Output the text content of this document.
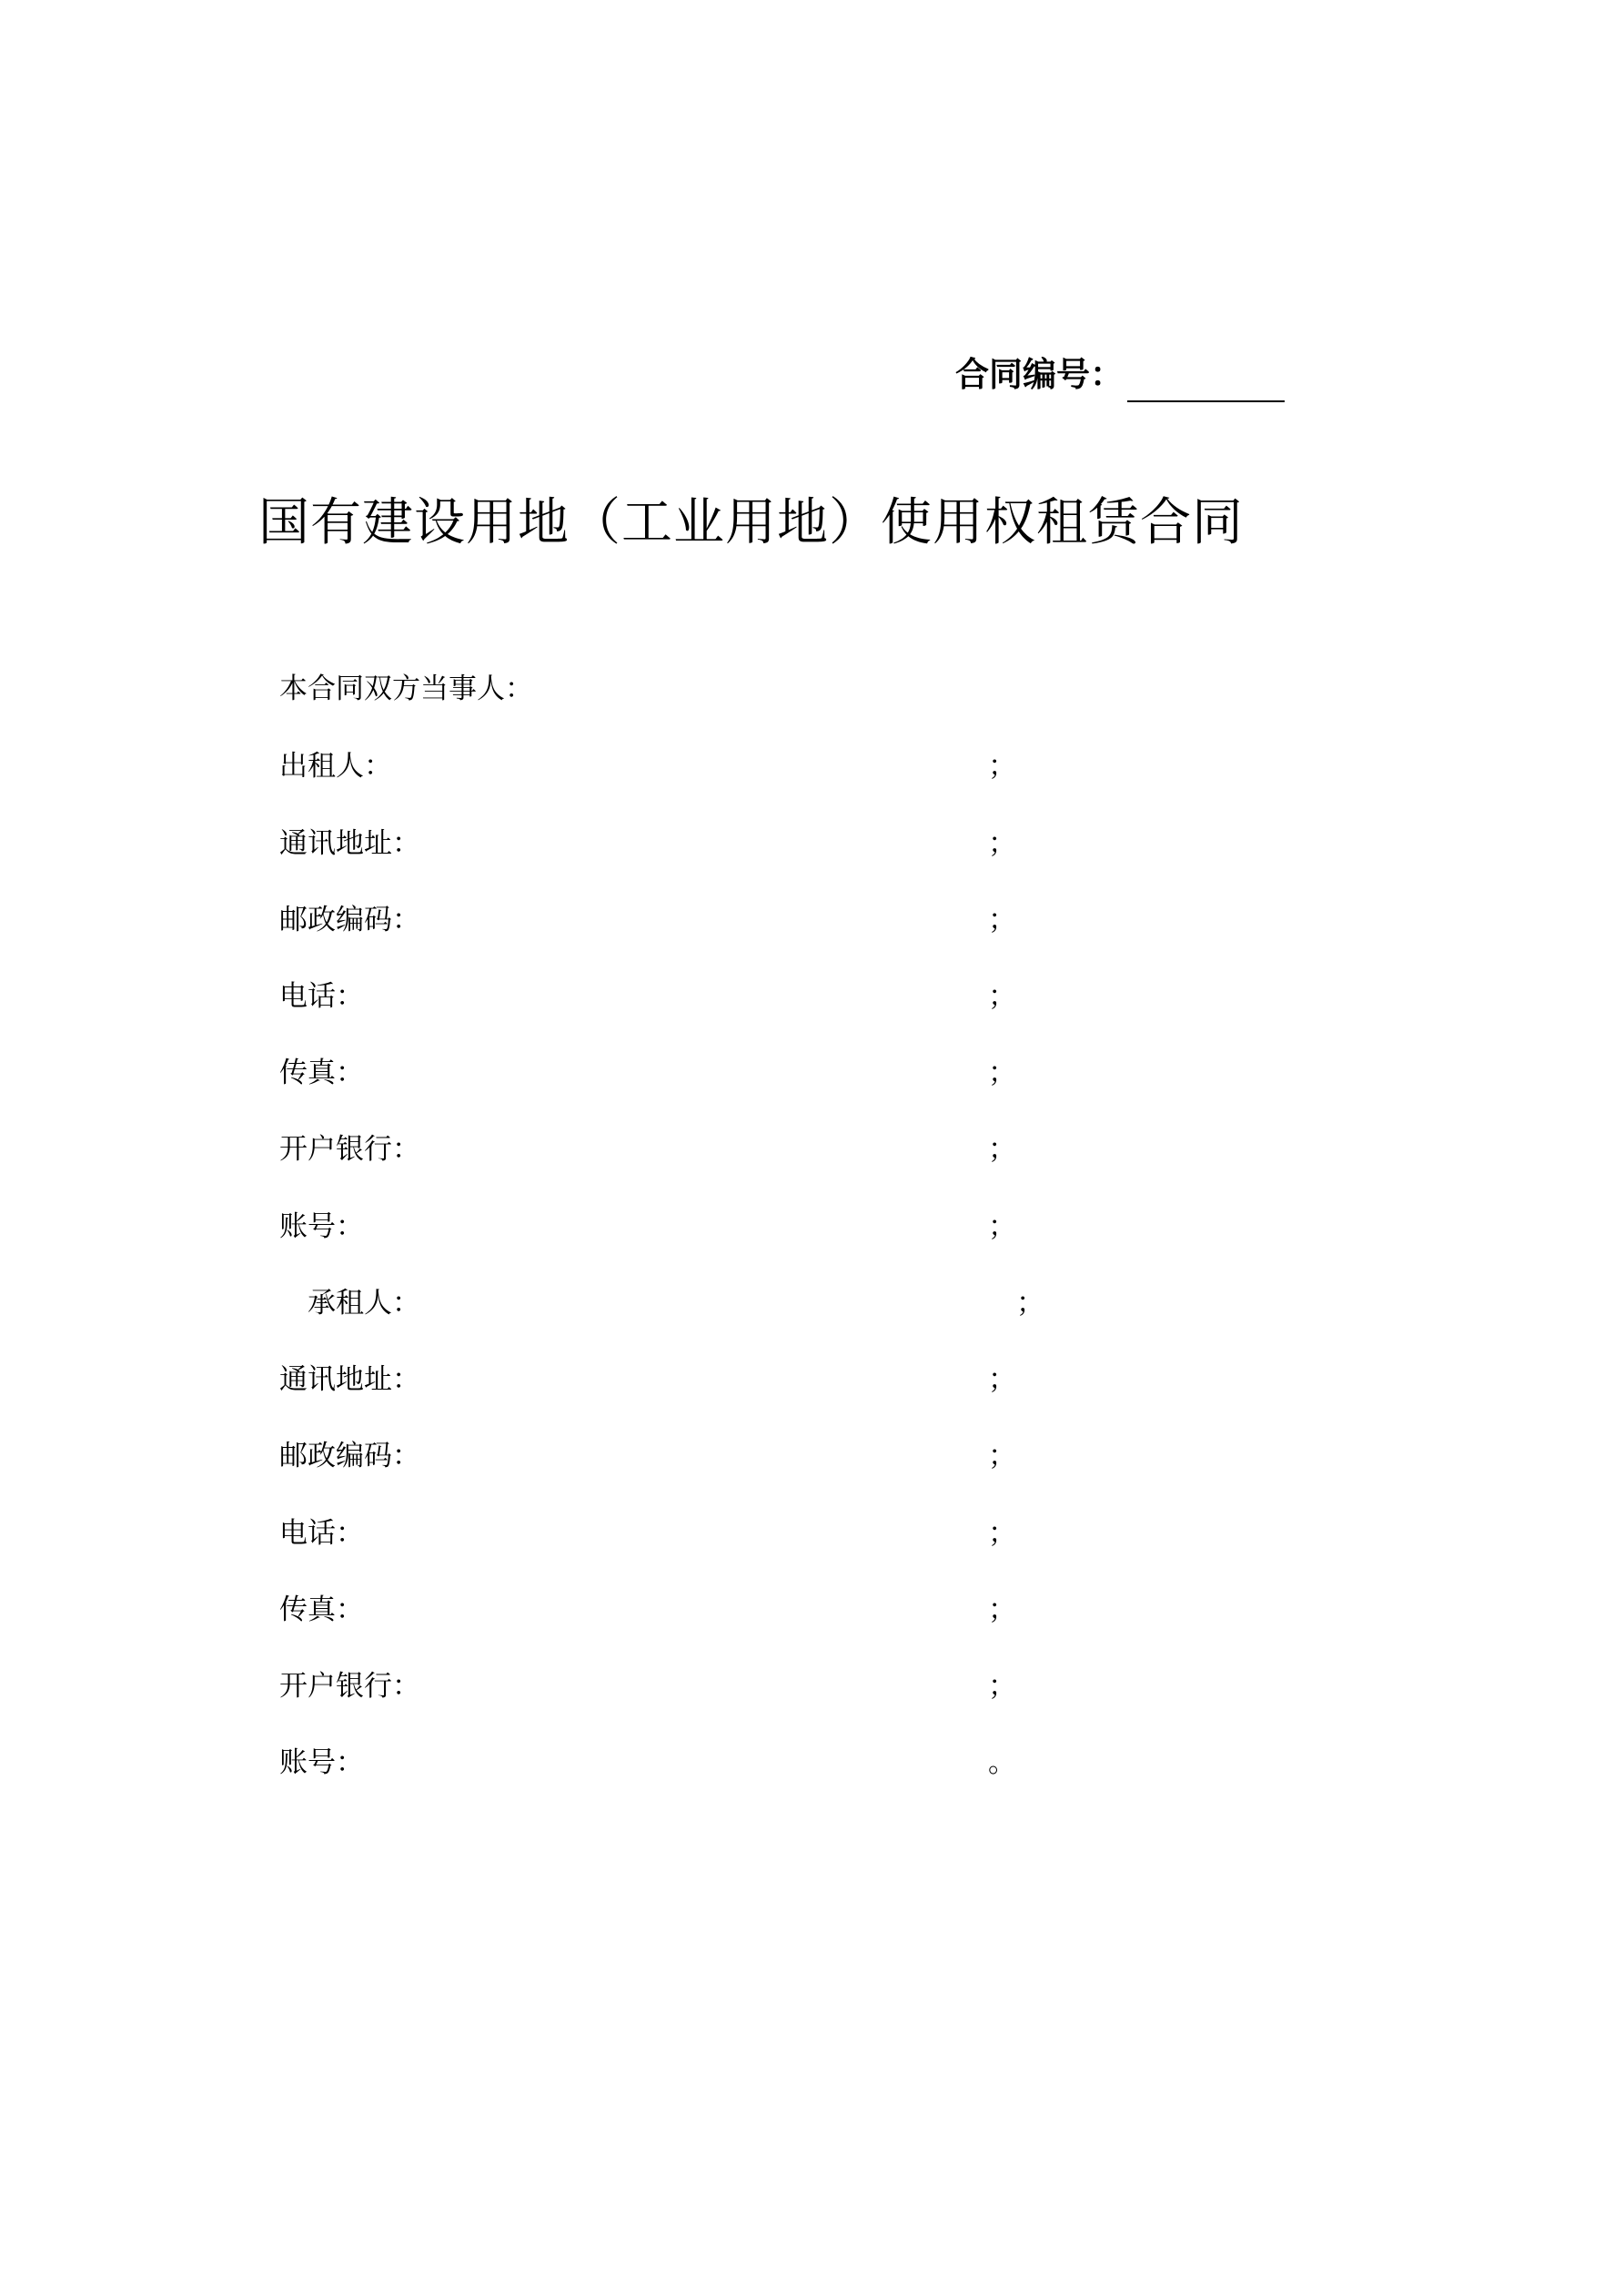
合同编号：
国有建设用地（工业用地）使用权租赁合同

本合同双方当事人：

出租人：	；
通讯地址：	；
邮政编码：	；
电话：	；
传真：	；
开户银行：	；
账号：	；
承租人：	；
通讯地址：	；
邮政编码：	；
电话：	；
传真：	；
开户银行：	；
账号：	。
